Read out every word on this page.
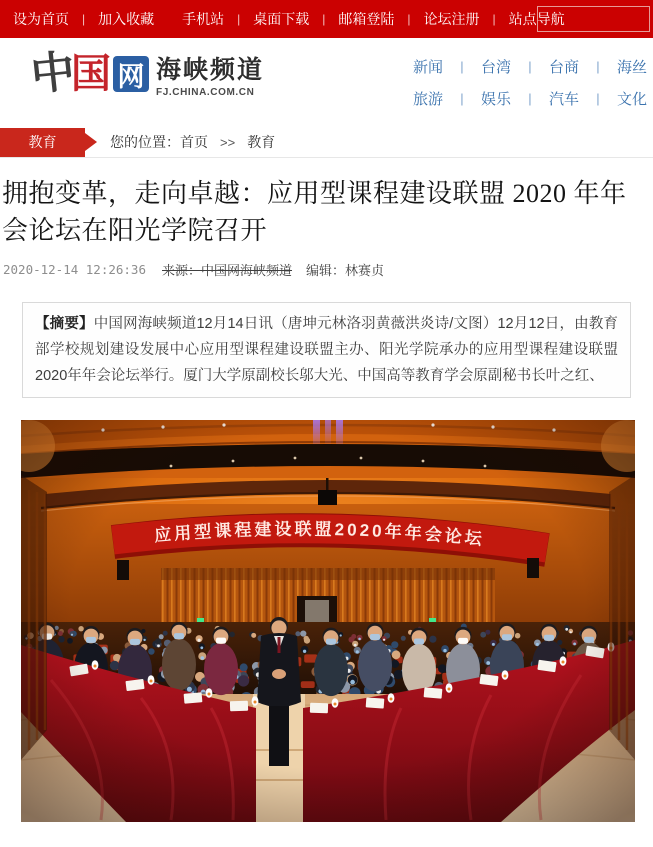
设为首页 | 加入收藏 手机站 | 桌面下载 | 邮箱登陆 | 论坛注册 | 站点导航
中
国 网 海峡频道
FJ.CHINA.COM.CN
新闻	|	台湾	|	台商	|	海丝
旅游	|	娱乐	|	汽车	|	文化
教育	您的位置： 首页 >> 教育
拥抱变革，走向卓越：应用型课程建设联盟 2020 年年会论坛在阳光学院召开
2020-12-14 12:26:36 来源：中国网海峡频道 编辑：林赛贞
【摘要】中国网海峡频道12月14日讯（唐坤元林洛羽黄薇洪炎诗/文图）12月12日，由教育部学校规划建设发展中心应用型课程建设联盟主办、阳光学院承办的应用型课程建设联盟2020年年会论坛举行。厦门大学原副校长邬大光、中国高等教育学会原副秘书长叶之红、
